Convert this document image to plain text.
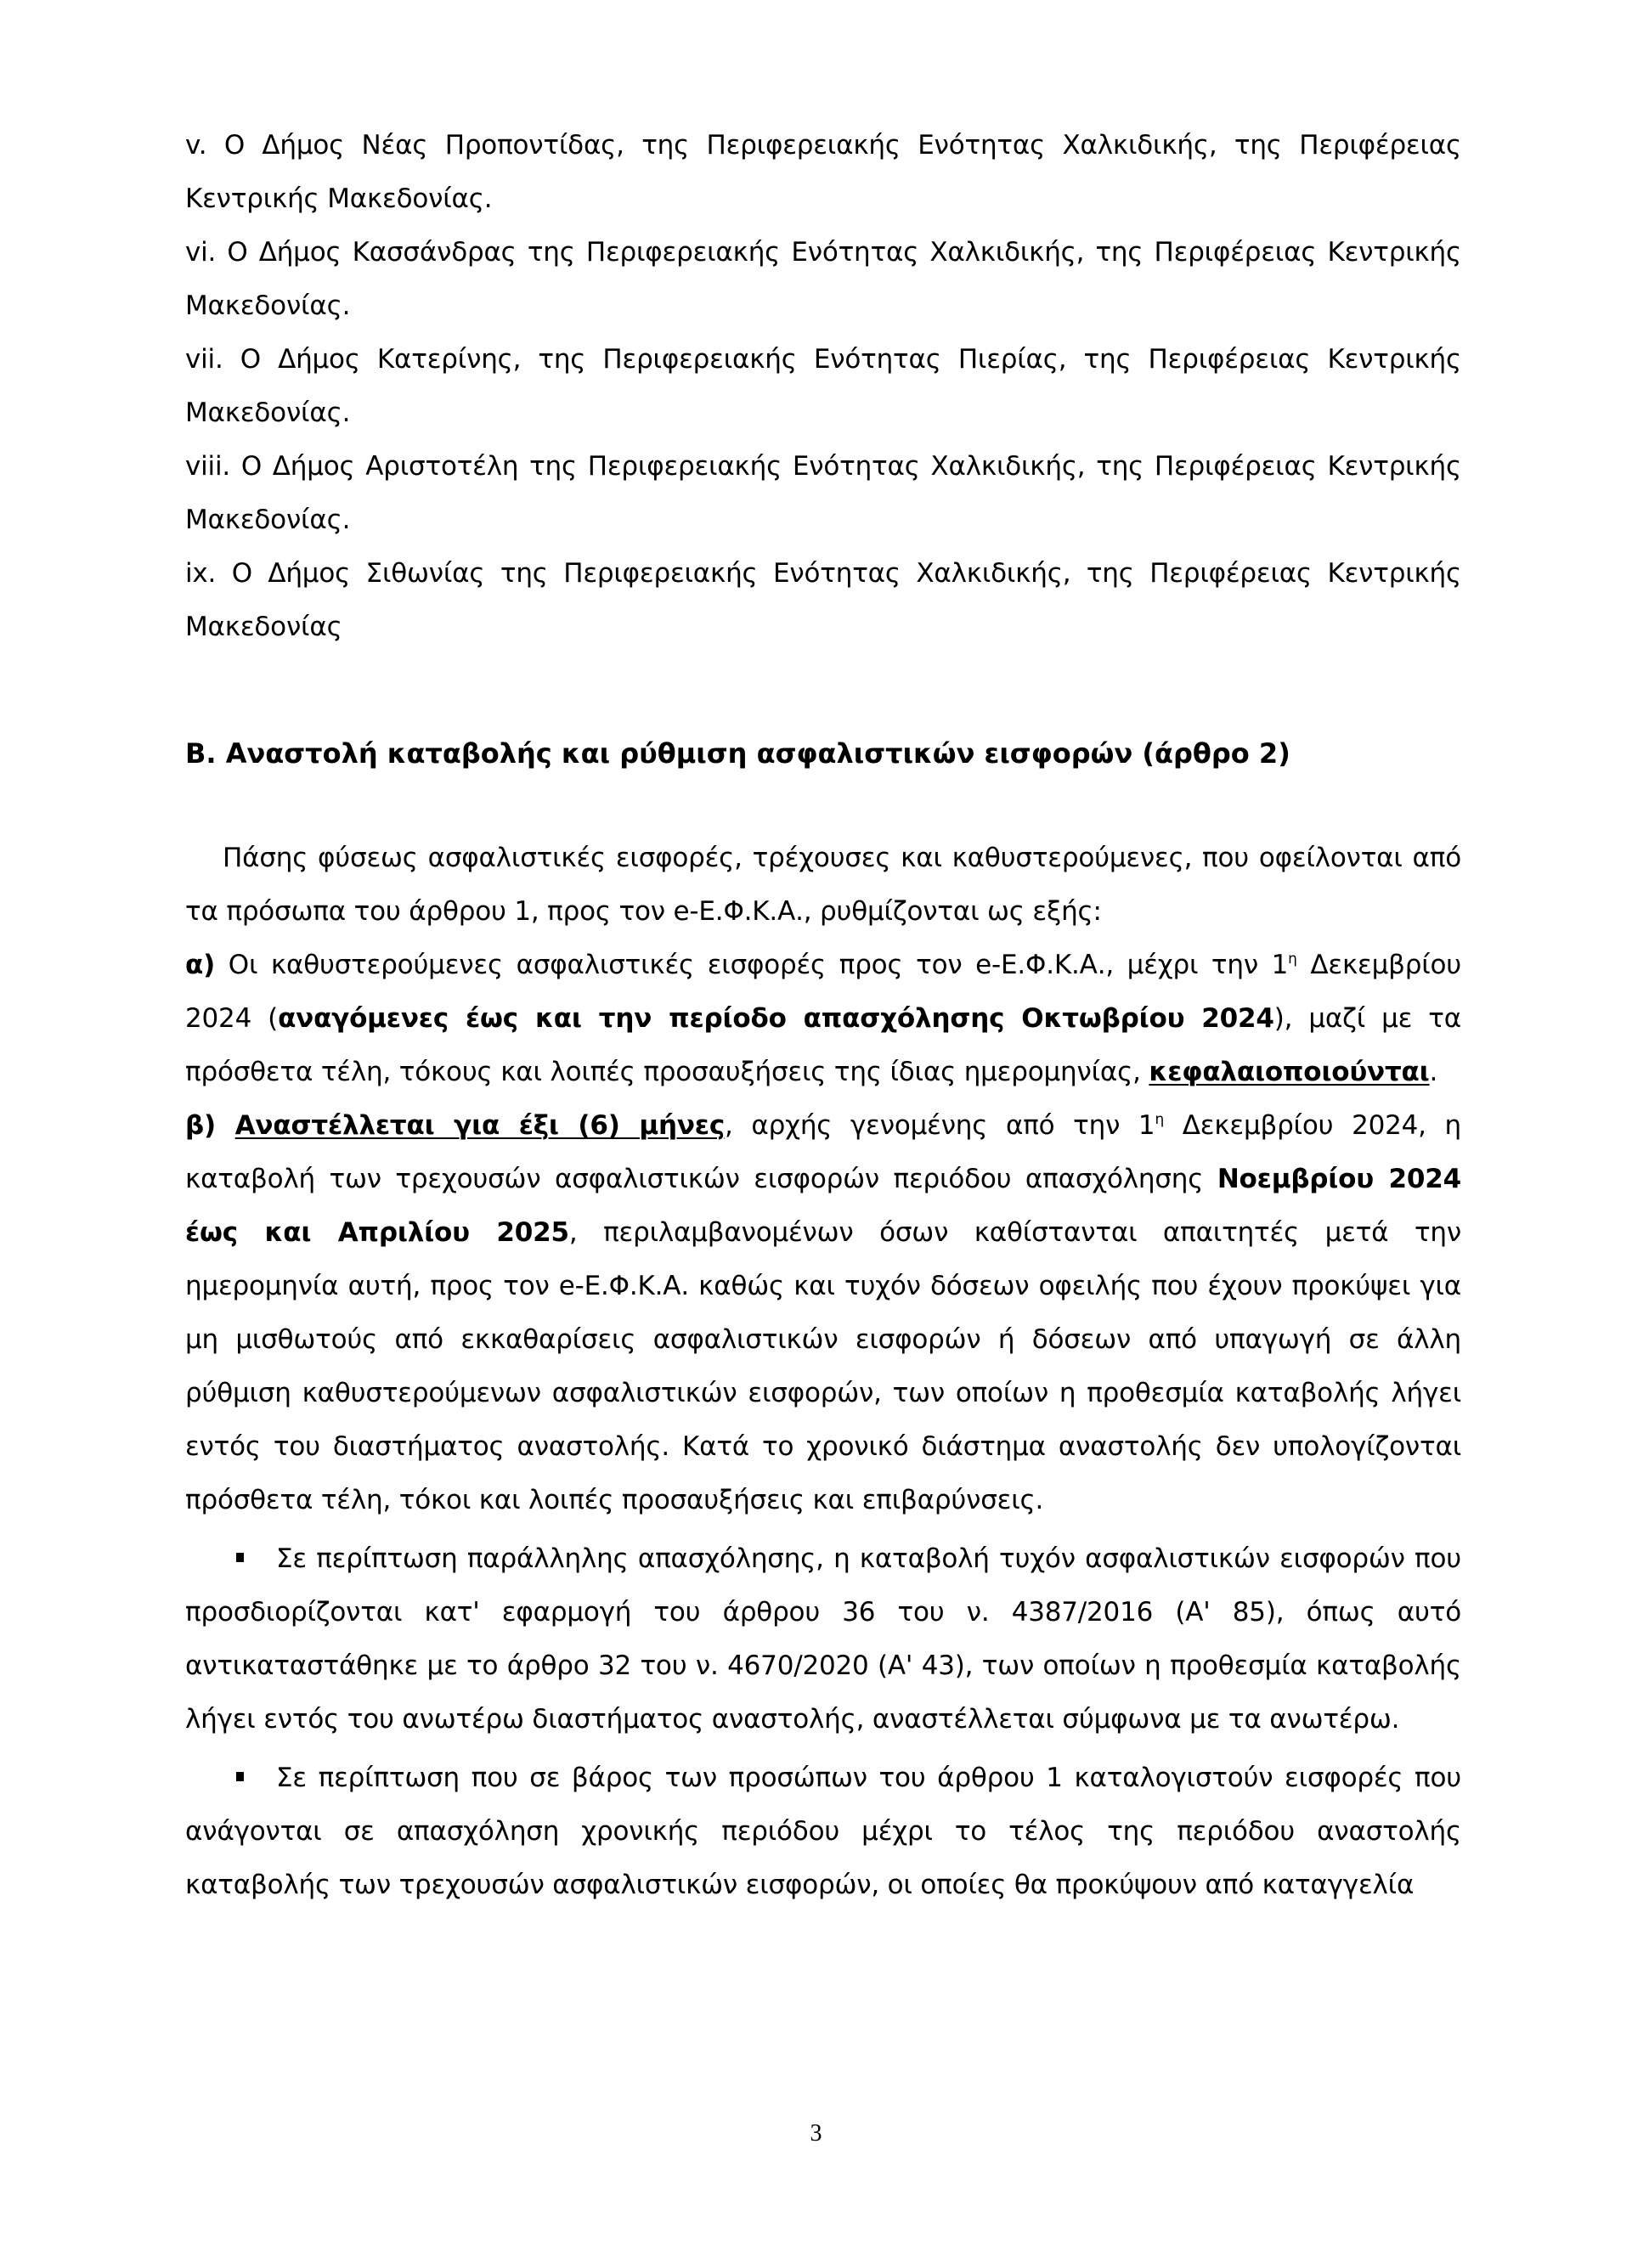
v. Ο Δήμος Νέας Προποντίδας, της Περιφερειακής Ενότητας Χαλκιδικής, της Περιφέρειας Κεντρικής Μακεδονίας.

vi. Ο Δήμος Κασσάνδρας της Περιφερειακής Ενότητας Χαλκιδικής, της Περιφέρειας Κεντρικής Μακεδονίας.

vii. Ο Δήμος Κατερίνης, της Περιφερειακής Ενότητας Πιερίας, της Περιφέρειας Κεντρικής Μακεδονίας.

viii. Ο Δήμος Αριστοτέλη της Περιφερειακής Ενότητας Χαλκιδικής, της Περιφέρειας Κεντρικής Μακεδονίας.

ix. Ο Δήμος Σιθωνίας της Περιφερειακής Ενότητας Χαλκιδικής, της Περιφέρειας Κεντρικής Μακεδονίας

Β. Αναστολή καταβολής και ρύθμιση ασφαλιστικών εισφορών (άρθρο 2)

Πάσης φύσεως ασφαλιστικές εισφορές, τρέχουσες και καθυστερούμενες, που οφείλονται από τα πρόσωπα του άρθρου 1, προς τον e-Ε.Φ.Κ.Α., ρυθμίζονται ως εξής:

α) Οι καθυστερούμενες ασφαλιστικές εισφορές προς τον e-Ε.Φ.Κ.Α., μέχρι την $1^\eta$ Δεκεμβρίου 2024 (αναγόμενες έως και την περίοδο απασχόλησης Οκτωβρίου 2024), μαζί με τα πρόσθετα τέλη, τόκους και λοιπές προσαυξήσεις της ίδιας ημερομηνίας, κεφαλαιοποιούνται.

β) Αναστέλλεται για έξι (6) μήνες, αρχής γενομένης από την $1^\eta$ Δεκεμβρίου 2024, η καταβολή των τρεχουσών ασφαλιστικών εισφορών περιόδου απασχόλησης Νοεμβρίου 2024 έως και Απριλίου 2025, περιλαμβανομένων όσων καθίστανται απαιτητές μετά την ημερομηνία αυτή, προς τον e-Ε.Φ.Κ.Α. καθώς και τυχόν δόσεων οφειλής που έχουν προκύψει για μη μισθωτούς από εκκαθαρίσεις ασφαλιστικών εισφορών ή δόσεων από υπαγωγή σε άλλη ρύθμιση καθυστερούμενων ασφαλιστικών εισφορών, των οποίων η προθεσμία καταβολής λήγει εντός του διαστήματος αναστολής. Κατά το χρονικό διάστημα αναστολής δεν υπολογίζονται πρόσθετα τέλη, τόκοι και λοιπές προσαυξήσεις και επιβαρύνσεις.

Σε περίπτωση παράλληλης απασχόλησης, η καταβολή τυχόν ασφαλιστικών εισφορών που προσδιορίζονται κατ' εφαρμογή του άρθρου 36 του ν. 4387/2016 (Α' 85), όπως αυτό αντικαταστάθηκε με το άρθρο 32 του ν. 4670/2020 (Α' 43), των οποίων η προθεσμία καταβολής λήγει εντός του ανωτέρω διαστήματος αναστολής, αναστέλλεται σύμφωνα με τα ανωτέρω.

Σε περίπτωση που σε βάρος των προσώπων του άρθρου 1 καταλογιστούν εισφορές που ανάγονται σε απασχόληση χρονικής περιόδου μέχρι το τέλος της περιόδου αναστολής καταβολής των τρεχουσών ασφαλιστικών εισφορών, οι οποίες θα προκύψουν από καταγγελία

3
